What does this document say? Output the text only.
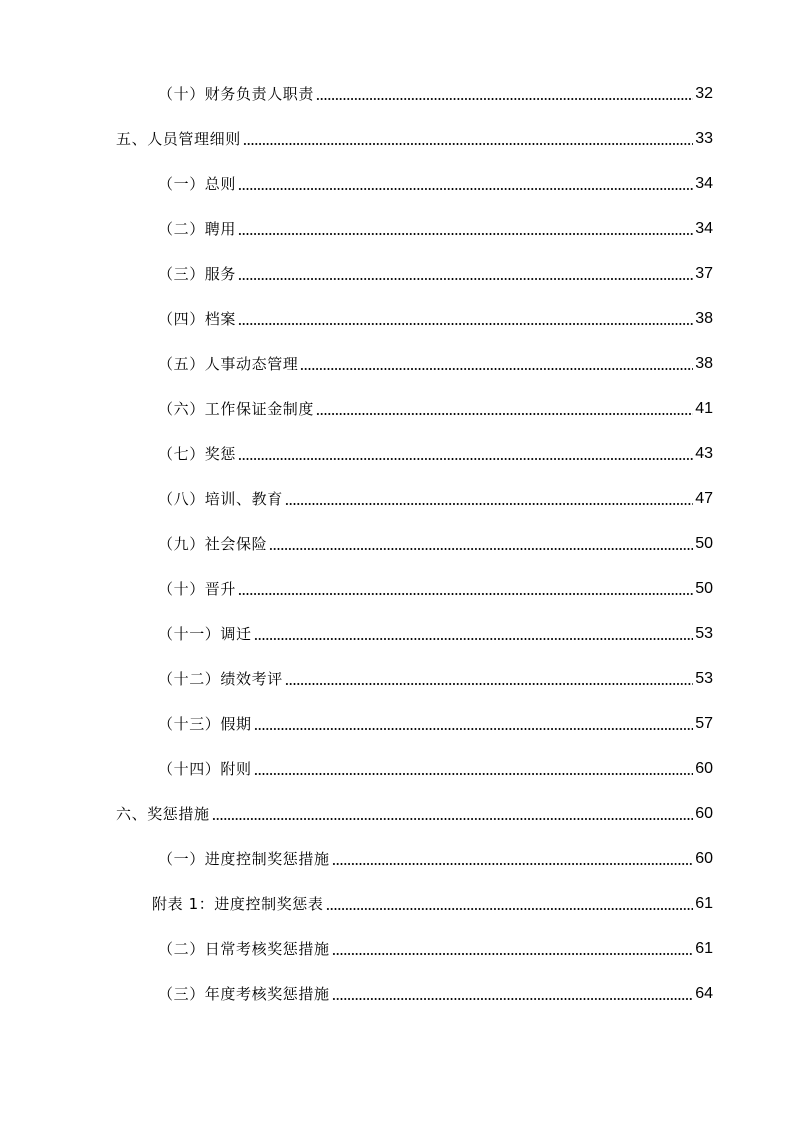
（十）财务负责人职责	32
五、人员管理细则	33
（一）总则	34
（二）聘用	34
（三）服务	37
（四）档案	38
（五）人事动态管理	38
（六）工作保证金制度	41
（七）奖惩	43
（八）培训、教育	47
（九）社会保险	50
（十）晋升	50
（十一）调迁	53
（十二）绩效考评	53
（十三）假期	57
（十四）附则	60
六、奖惩措施	60
（一）进度控制奖惩措施	60
附表 1：进度控制奖惩表	61
（二）日常考核奖惩措施	61
（三）年度考核奖惩措施	64
